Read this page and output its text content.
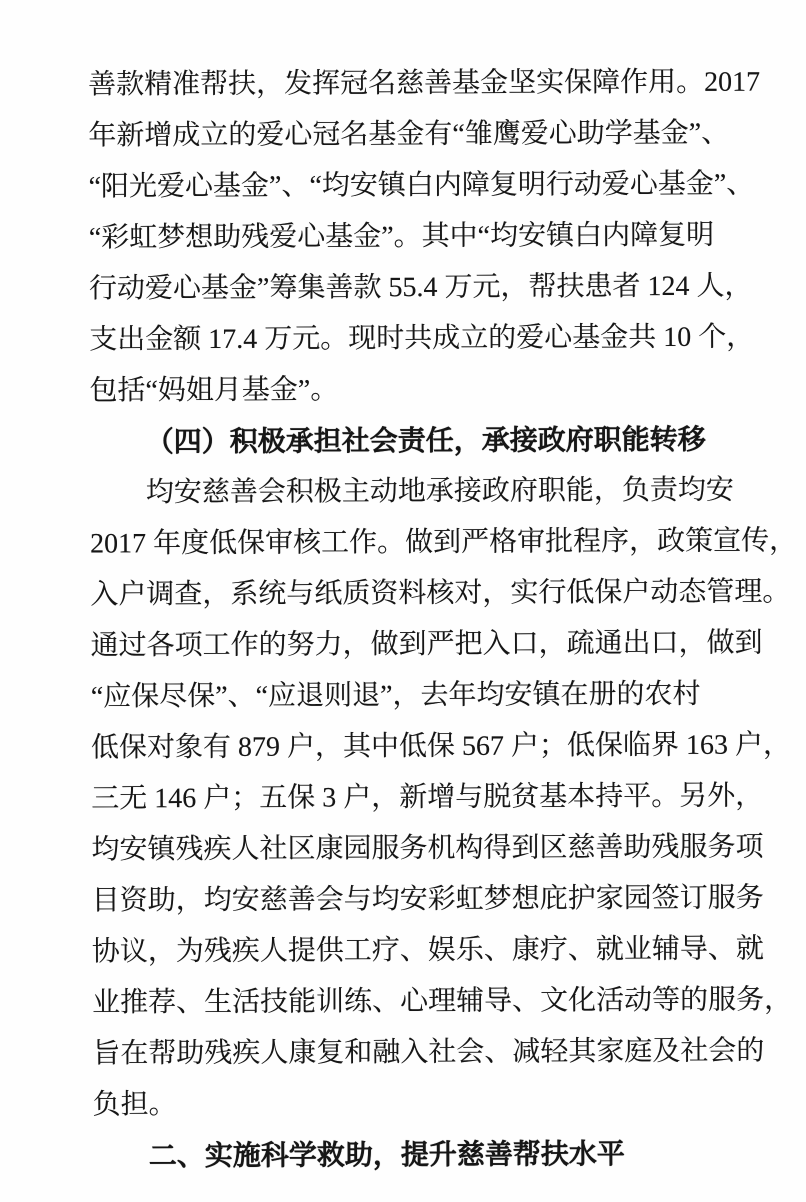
善款精准帮扶，发挥冠名慈善基金坚实保障作用。2017
年新增成立的爱心冠名基金有“雏鹰爱心助学基金”、
“阳光爱心基金”、“均安镇白内障复明行动爱心基金”、
“彩虹梦想助残爱心基金”。其中“均安镇白内障复明
行动爱心基金”筹集善款 55.4 万元，帮扶患者 124 人，
支出金额 17.4 万元。现时共成立的爱心基金共 10 个，
包括“妈姐月基金”。
（四）积极承担社会责任，承接政府职能转移
均安慈善会积极主动地承接政府职能，负责均安
2017 年度低保审核工作。做到严格审批程序，政策宣传，
入户调查，系统与纸质资料核对，实行低保户动态管理。
通过各项工作的努力，做到严把入口，疏通出口，做到
“应保尽保”、“应退则退”，去年均安镇在册的农村
低保对象有 879 户，其中低保 567 户；低保临界 163 户，
三无 146 户；五保 3 户，新增与脱贫基本持平。另外，
均安镇残疾人社区康园服务机构得到区慈善助残服务项
目资助，均安慈善会与均安彩虹梦想庇护家园签订服务
协议，为残疾人提供工疗、娱乐、康疗、就业辅导、就
业推荐、生活技能训练、心理辅导、文化活动等的服务，
旨在帮助残疾人康复和融入社会、减轻其家庭及社会的
负担。
二、实施科学救助，提升慈善帮扶水平
